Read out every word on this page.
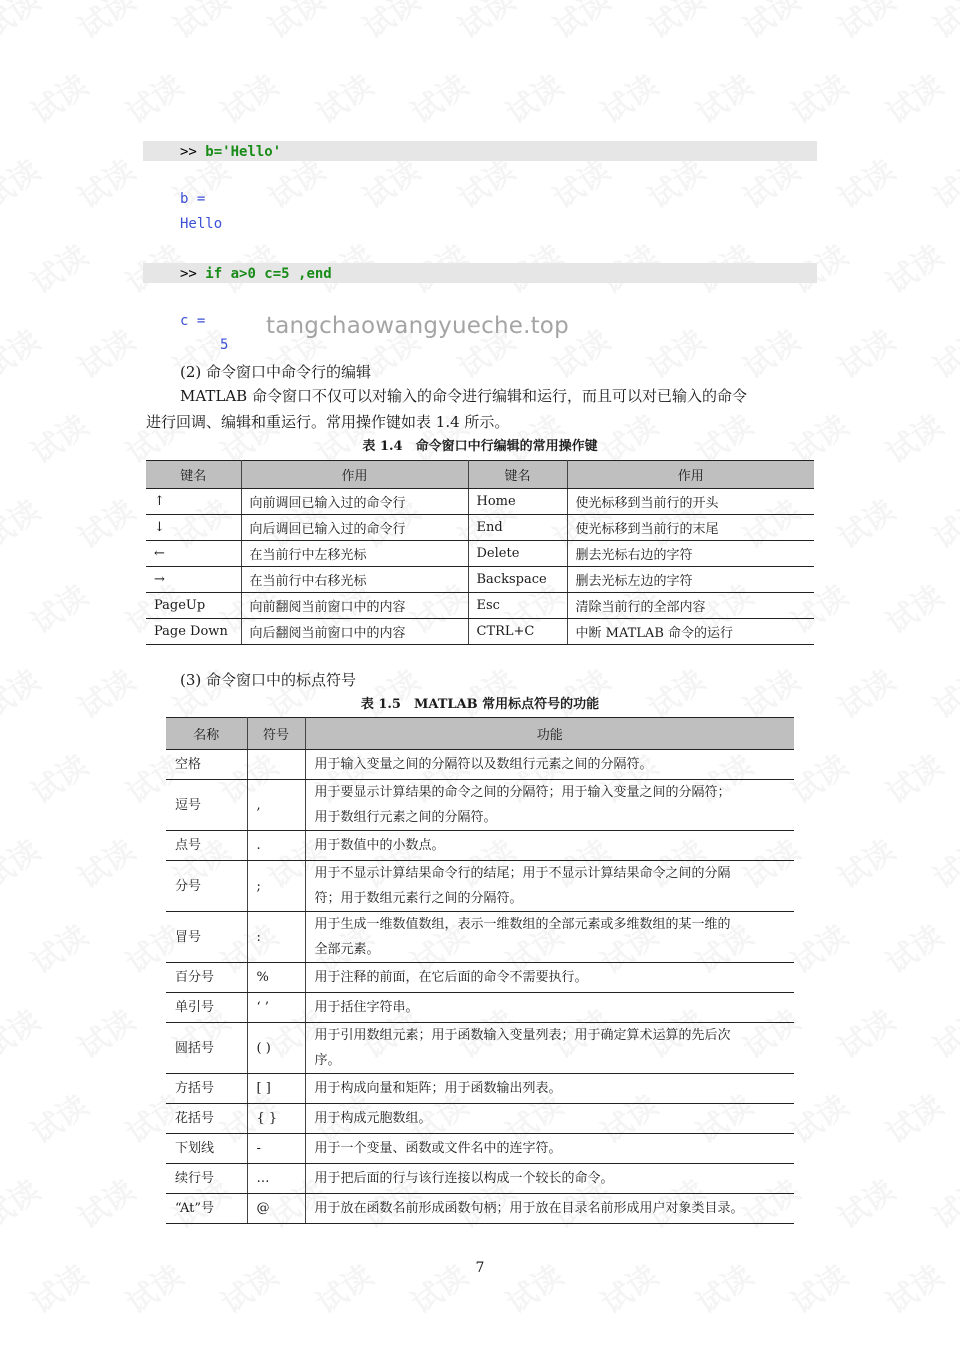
>> b='Hello'
b =
Hello
>> if a>0 c=5 ,end
c =
5
tangchaowangyueche.top
(2) 命令窗口中命令行的编辑
MATLAB 命令窗口不仅可以对输入的命令进行编辑和运行，而且可以对已输入的命令
进行回调、编辑和重运行。常用操作键如表 1.4 所示。
表 1.4　命令窗口中行编辑的常用操作键
键名	作用	键名	作用
↑	向前调回已输入过的命令行	Home	使光标移到当前行的开头
↓	向后调回已输入过的命令行	End	使光标移到当前行的末尾
←	在当前行中左移光标	Delete	删去光标右边的字符
→	在当前行中右移光标	Backspace	删去光标左边的字符
PageUp	向前翻阅当前窗口中的内容	Esc	清除当前行的全部内容
Page Down	向后翻阅当前窗口中的内容	CTRL+C	中断 MATLAB 命令的运行
(3) 命令窗口中的标点符号
表 1.5　MATLAB 常用标点符号的功能
名称	符号	功能
空格		用于输入变量之间的分隔符以及数组行元素之间的分隔符。

逗号	,	用于要显示计算结果的命令之间的分隔符；用于输入变量之间的分隔符；
用于数组行元素之间的分隔符。

点号	.	用于数值中的小数点。

分号	;	用于不显示计算结果命令行的结尾；用于不显示计算结果命令之间的分隔
符；用于数组元素行之间的分隔符。

冒号	:	用于生成一维数值数组，表示一维数组的全部元素或多维数组的某一维的
全部元素。

百分号	%	用于注释的前面，在它后面的命令不需要执行。

单引号	‘ ’	用于括住字符串。

圆括号	( )	用于引用数组元素；用于函数输入变量列表；用于确定算术运算的先后次
序。

方括号	[ ]	用于构成向量和矩阵；用于函数输出列表。

花括号	{ }	用于构成元胞数组。

下划线	-	用于一个变量、函数或文件名中的连字符。

续行号	…	用于把后面的行与该行连接以构成一个较长的命令。

“At”号	@	用于放在函数名前形成函数句柄；用于放在目录名前形成用户对象类目录。
7
